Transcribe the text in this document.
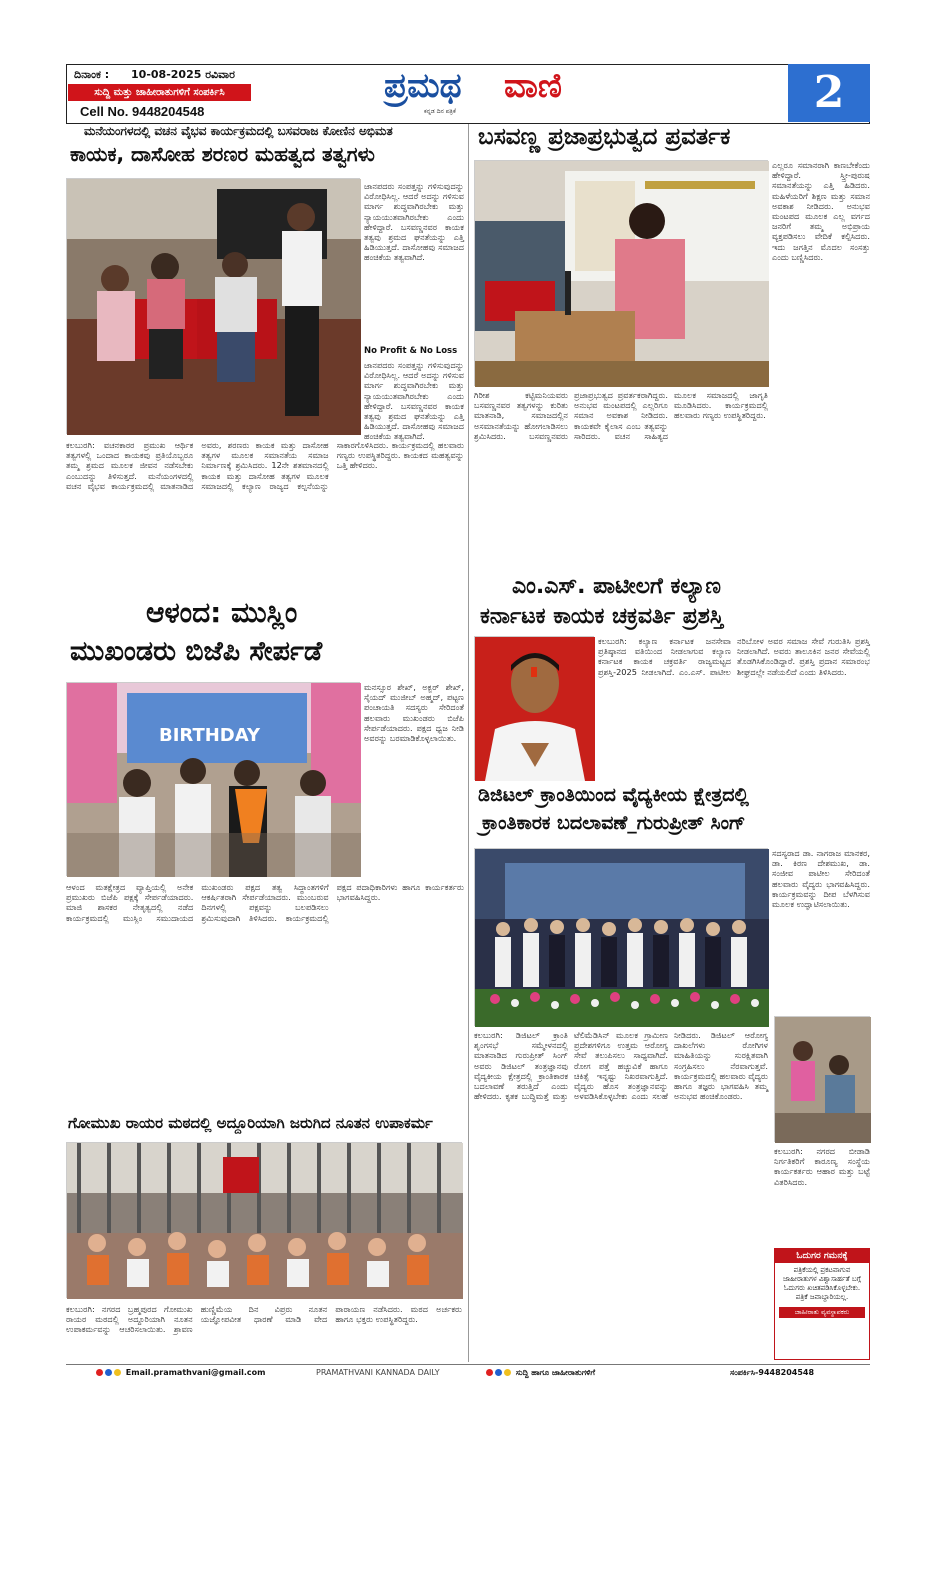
ದಿನಾಂಕ : 10-08-2025 ರವಿವಾರ
ಸುದ್ದಿ ಮತ್ತು ಜಾಹೀರಾತುಗಳಿಗೆ ಸಂಪರ್ಕಿಸಿ
Cell No. 9448204548
ಪ್ರಮಥ ವಾಣಿ
ಕನ್ನಡ ದಿನ ಪತ್ರಿಕೆ	2
ಮನೆಯಂಗಳದಲ್ಲಿ ವಚನ ವೈಭವ ಕಾರ್ಯಕ್ರಮದಲ್ಲಿ ಬಸವರಾಜ ಕೋಣಿನ ಅಭಿಮತ
ಕಾಯಕ, ದಾಸೋಹ ಶರಣರ ಮಹತ್ವದ ತತ್ವಗಳು
ಜಾನಪದರು ಸಂಪತ್ತನ್ನು ಗಳಿಸುವುದನ್ನು ವಿರೋಧಿಸಿಲ್ಲ. ಆದರೆ ಅದನ್ನು ಗಳಿಸುವ ಮಾರ್ಗ ಶುದ್ಧವಾಗಿರಬೇಕು ಮತ್ತು ನ್ಯಾಯಯುತವಾಗಿರಬೇಕು ಎಂದು ಹೇಳಿದ್ದಾರೆ. ಬಸವಣ್ಣನವರ ಕಾಯಕ ತತ್ವವು ಶ್ರಮದ ಘನತೆಯನ್ನು ಎತ್ತಿ ಹಿಡಿಯುತ್ತದೆ. ದಾಸೋಹವು ಸಮಾಜದ ಹಂಚಿಕೆಯ ತತ್ವವಾಗಿದೆ.
No Profit & No Loss
ಜಾನಪದರು ಸಂಪತ್ತನ್ನು ಗಳಿಸುವುದನ್ನು ವಿರೋಧಿಸಿಲ್ಲ. ಆದರೆ ಅದನ್ನು ಗಳಿಸುವ ಮಾರ್ಗ ಶುದ್ಧವಾಗಿರಬೇಕು ಮತ್ತು ನ್ಯಾಯಯುತವಾಗಿರಬೇಕು ಎಂದು ಹೇಳಿದ್ದಾರೆ. ಬಸವಣ್ಣನವರ ಕಾಯಕ ತತ್ವವು ಶ್ರಮದ ಘನತೆಯನ್ನು ಎತ್ತಿ ಹಿಡಿಯುತ್ತದೆ. ದಾಸೋಹವು ಸಮಾಜದ ಹಂಚಿಕೆಯ ತತ್ವವಾಗಿದೆ.
ಕಲಬುರಗಿ: ವಚನಕಾರರ ಪ್ರಮುಖ ಆರ್ಥಿಕ ತತ್ವಗಳಲ್ಲಿ ಒಂದಾದ ಕಾಯಕವು ಪ್ರತಿಯೊಬ್ಬರೂ ತಮ್ಮ ಶ್ರಮದ ಮೂಲಕ ಜೀವನ ನಡೆಸಬೇಕು ಎಂಬುದನ್ನು ತಿಳಿಸುತ್ತದೆ. ಮನೆಯಂಗಳದಲ್ಲಿ ವಚನ ವೈಭವ ಕಾರ್ಯಕ್ರಮದಲ್ಲಿ ಮಾತನಾಡಿದ ಅವರು, ಶರಣರು ಕಾಯಕ ಮತ್ತು ದಾಸೋಹ ತತ್ವಗಳ ಮೂಲಕ ಸಮಾನತೆಯ ಸಮಾಜ ನಿರ್ಮಾಣಕ್ಕೆ ಶ್ರಮಿಸಿದರು. 12ನೇ ಶತಮಾನದಲ್ಲಿ ಕಾಯಕ ಮತ್ತು ದಾಸೋಹ ತತ್ವಗಳ ಮೂಲಕ ಸಮಾಜದಲ್ಲಿ ಕಲ್ಯಾಣ ರಾಜ್ಯದ ಕಲ್ಪನೆಯನ್ನು ಸಾಕಾರಗೊಳಿಸಿದರು. ಕಾರ್ಯಕ್ರಮದಲ್ಲಿ ಹಲವಾರು ಗಣ್ಯರು ಉಪಸ್ಥಿತರಿದ್ದರು. ಕಾಯಕದ ಮಹತ್ವವನ್ನು ಒತ್ತಿ ಹೇಳಿದರು.
ಆಳಂದ: ಮುಸ್ಲಿಂ
ಮುಖಂಡರು ಬಿಜೆಪಿ ಸೇರ್ಪಡೆ
BIRTHDAY
ಮನಸ್ಸೂರ ಶೇಖ್, ಅಕ್ಬರ್ ಶೇಖ್, ಸೈಯದ್ ಮುಜೀಬ್ ಅಹ್ಮದ್, ಪಟ್ಟಣ ಪಂಚಾಯತಿ ಸದಸ್ಯರು ಸೇರಿದಂತೆ ಹಲವಾರು ಮುಖಂಡರು ಬಿಜೆಪಿ ಸೇರ್ಪಡೆಯಾದರು. ಪಕ್ಷದ ಧ್ವಜ ನೀಡಿ ಅವರನ್ನು ಬರಮಾಡಿಕೊಳ್ಳಲಾಯಿತು.
ಆಳಂದ ಮತಕ್ಷೇತ್ರದ ವ್ಯಾಪ್ತಿಯಲ್ಲಿ ಅನೇಕ ಪ್ರಮುಖರು ಬಿಜೆಪಿ ಪಕ್ಷಕ್ಕೆ ಸೇರ್ಪಡೆಯಾದರು. ಮಾಜಿ ಶಾಸಕರ ನೇತೃತ್ವದಲ್ಲಿ ನಡೆದ ಕಾರ್ಯಕ್ರಮದಲ್ಲಿ ಮುಸ್ಲಿಂ ಸಮುದಾಯದ ಮುಖಂಡರು ಪಕ್ಷದ ತತ್ವ ಸಿದ್ಧಾಂತಗಳಿಗೆ ಆಕರ್ಷಿತರಾಗಿ ಸೇರ್ಪಡೆಯಾದರು. ಮುಂಬರುವ ದಿನಗಳಲ್ಲಿ ಪಕ್ಷವನ್ನು ಬಲಪಡಿಸಲು ಶ್ರಮಿಸುವುದಾಗಿ ತಿಳಿಸಿದರು. ಕಾರ್ಯಕ್ರಮದಲ್ಲಿ ಪಕ್ಷದ ಪದಾಧಿಕಾರಿಗಳು ಹಾಗೂ ಕಾರ್ಯಕರ್ತರು ಭಾಗವಹಿಸಿದ್ದರು.
ಗೋಮುಖ ರಾಯರ ಮಠದಲ್ಲಿ ಅದ್ದೂರಿಯಾಗಿ ಜರುಗಿದ ನೂತನ ಉಪಾಕರ್ಮ
ಕಲಬುರಗಿ: ನಗರದ ಬ್ರಹ್ಮಪುರದ ಗೋಮುಖ ರಾಯರ ಮಠದಲ್ಲಿ ಅದ್ದೂರಿಯಾಗಿ ನೂತನ ಉಪಾಕರ್ಮವನ್ನು ಆಚರಿಸಲಾಯಿತು. ಶ್ರಾವಣ ಹುಣ್ಣಿಮೆಯ ದಿನ ವಿಪ್ರರು ನೂತನ ಯಜ್ಞೋಪವೀತ ಧಾರಣೆ ಮಾಡಿ ವೇದ ಪಾರಾಯಣ ನಡೆಸಿದರು. ಮಠದ ಅರ್ಚಕರು ಹಾಗೂ ಭಕ್ತರು ಉಪಸ್ಥಿತರಿದ್ದರು.
ಬಸವಣ್ಣ ಪ್ರಜಾಪ್ರಭುತ್ವದ ಪ್ರವರ್ತಕ
ಎಲ್ಲರೂ ಸಮಾನರಾಗಿ ಕಾಣಬೇಕೆಂದು ಹೇಳಿದ್ದಾರೆ. ಸ್ತ್ರೀ-ಪುರುಷ ಸಮಾನತೆಯನ್ನು ಎತ್ತಿ ಹಿಡಿದರು. ಮಹಿಳೆಯರಿಗೆ ಶಿಕ್ಷಣ ಮತ್ತು ಸಮಾನ ಅವಕಾಶ ನೀಡಿದರು. ಅನುಭವ ಮಂಟಪದ ಮೂಲಕ ಎಲ್ಲ ವರ್ಗದ ಜನರಿಗೆ ತಮ್ಮ ಅಭಿಪ್ರಾಯ ವ್ಯಕ್ತಪಡಿಸಲು ವೇದಿಕೆ ಕಲ್ಪಿಸಿದರು. ಇದು ಜಗತ್ತಿನ ಮೊದಲ ಸಂಸತ್ತು ಎಂದು ಬಣ್ಣಿಸಿದರು.
ಗಿರೀಶ ಕಟ್ಟಿಮನಿಯವರು ಬಸವಣ್ಣನವರ ತತ್ವಗಳನ್ನು ಕುರಿತು ಮಾತನಾಡಿ, ಸಮಾಜದಲ್ಲಿನ ಅಸಮಾನತೆಯನ್ನು ಹೋಗಲಾಡಿಸಲು ಶ್ರಮಿಸಿದರು. ಬಸವಣ್ಣನವರು ಪ್ರಜಾಪ್ರಭುತ್ವದ ಪ್ರವರ್ತಕರಾಗಿದ್ದರು. ಅನುಭವ ಮಂಟಪದಲ್ಲಿ ಎಲ್ಲರಿಗೂ ಸಮಾನ ಅವಕಾಶ ನೀಡಿದರು. ಕಾಯಕವೇ ಕೈಲಾಸ ಎಂಬ ತತ್ವವನ್ನು ಸಾರಿದರು. ವಚನ ಸಾಹಿತ್ಯದ ಮೂಲಕ ಸಮಾಜದಲ್ಲಿ ಜಾಗೃತಿ ಮೂಡಿಸಿದರು. ಕಾರ್ಯಕ್ರಮದಲ್ಲಿ ಹಲವಾರು ಗಣ್ಯರು ಉಪಸ್ಥಿತರಿದ್ದರು.
ಎಂ.ಎಸ್. ಪಾಟೀಲಗೆ ಕಲ್ಯಾಣ
ಕರ್ನಾಟಕ ಕಾಯಕ ಚಕ್ರವರ್ತಿ ಪ್ರಶಸ್ತಿ
ಕಲಬುರಗಿ: ಕಲ್ಯಾಣ ಕರ್ನಾಟಕ ಜನಸೇವಾ ಪ್ರತಿಷ್ಠಾನದ ವತಿಯಿಂದ ನೀಡಲಾಗುವ ಕಲ್ಯಾಣ ಕರ್ನಾಟಕ ಕಾಯಕ ಚಕ್ರವರ್ತಿ ರಾಜ್ಯಮಟ್ಟದ ಪ್ರಶಸ್ತಿ-2025 ನೀಡಲಾಗಿದೆ. ಎಂ.ಎಸ್. ಪಾಟೀಲ ನರಿಬೋಳ ಅವರ ಸಮಾಜ ಸೇವೆ ಗುರುತಿಸಿ ಪ್ರಶಸ್ತಿ ನೀಡಲಾಗಿದೆ. ಅವರು ತಾಲೂಕಿನ ಜನರ ಸೇವೆಯಲ್ಲಿ ತೊಡಗಿಸಿಕೊಂಡಿದ್ದಾರೆ. ಪ್ರಶಸ್ತಿ ಪ್ರದಾನ ಸಮಾರಂಭ ಶೀಘ್ರದಲ್ಲೇ ನಡೆಯಲಿದೆ ಎಂದು ತಿಳಿಸಿದರು.
ಡಿಜಿಟಲ್ ಕ್ರಾಂತಿಯಿಂದ ವೈದ್ಯಕೀಯ ಕ್ಷೇತ್ರದಲ್ಲಿ
ಕ್ರಾಂತಿಕಾರಕ ಬದಲಾವಣೆ_ಗುರುಪ್ರೀತ್ ಸಿಂಗ್
ಸದಸ್ಯರಾದ ಡಾ. ನಾಗರಾಜ ಮಾನಕರ, ಡಾ. ಕಿರಣ ದೇಶಮುಖ, ಡಾ. ಸಂಜೀವ ಪಾಟೀಲ ಸೇರಿದಂತೆ ಹಲವಾರು ವೈದ್ಯರು ಭಾಗವಹಿಸಿದ್ದರು. ಕಾರ್ಯಕ್ರಮವನ್ನು ದೀಪ ಬೆಳಗಿಸುವ ಮೂಲಕ ಉದ್ಘಾಟಿಸಲಾಯಿತು.
ಕಲಬುರಗಿ: ಡಿಜಿಟಲ್ ಕ್ರಾಂತಿ ಶೃಂಗಸಭೆ ಸಮ್ಮೇಳನದಲ್ಲಿ ಮಾತನಾಡಿದ ಗುರುಪ್ರೀತ್ ಸಿಂಗ್ ಅವರು ಡಿಜಿಟಲ್ ತಂತ್ರಜ್ಞಾನವು ವೈದ್ಯಕೀಯ ಕ್ಷೇತ್ರದಲ್ಲಿ ಕ್ರಾಂತಿಕಾರಕ ಬದಲಾವಣೆ ತರುತ್ತಿದೆ ಎಂದು ಹೇಳಿದರು. ಕೃತಕ ಬುದ್ಧಿಮತ್ತೆ ಮತ್ತು ಟೆಲಿಮೆಡಿಸಿನ್ ಮೂಲಕ ಗ್ರಾಮೀಣ ಪ್ರದೇಶಗಳಿಗೂ ಉತ್ತಮ ಆರೋಗ್ಯ ಸೇವೆ ತಲುಪಿಸಲು ಸಾಧ್ಯವಾಗಿದೆ. ರೋಗ ಪತ್ತೆ ಹಚ್ಚುವಿಕೆ ಹಾಗೂ ಚಿಕಿತ್ಸೆ ಇನ್ನಷ್ಟು ನಿಖರವಾಗುತ್ತಿದೆ. ವೈದ್ಯರು ಹೊಸ ತಂತ್ರಜ್ಞಾನವನ್ನು ಅಳವಡಿಸಿಕೊಳ್ಳಬೇಕು ಎಂದು ಸಲಹೆ ನೀಡಿದರು. ಡಿಜಿಟಲ್ ಆರೋಗ್ಯ ದಾಖಲೆಗಳು ರೋಗಿಗಳ ಮಾಹಿತಿಯನ್ನು ಸುರಕ್ಷಿತವಾಗಿ ಸಂಗ್ರಹಿಸಲು ನೆರವಾಗುತ್ತವೆ. ಕಾರ್ಯಕ್ರಮದಲ್ಲಿ ಹಲವಾರು ವೈದ್ಯರು ಹಾಗೂ ತಜ್ಞರು ಭಾಗವಹಿಸಿ ತಮ್ಮ ಅನುಭವ ಹಂಚಿಕೊಂಡರು.
ಕಲಬುರಗಿ: ನಗರದ ಬೀಡಾಡಿ ನಿರ್ಗತಿಕರಿಗೆ ಕಾರೂಣ್ಯ ಸಂಸ್ಥೆಯ ಕಾರ್ಯಕರ್ತರು ಆಹಾರ ಮತ್ತು ಬಟ್ಟೆ ವಿತರಿಸಿದರು.
ಓದುಗರ ಗಮನಕ್ಕೆ
ಪತ್ರಿಕೆಯಲ್ಲಿ ಪ್ರಕಟವಾಗುವ ಜಾಹೀರಾತುಗಳ ವಿಶ್ವಾಸಾರ್ಹತೆ ಬಗ್ಗೆ ಓದುಗರು ಖಚಿತಪಡಿಸಿಕೊಳ್ಳಬೇಕು. ಪತ್ರಿಕೆ ಜವಾಬ್ದಾರಿಯಲ್ಲ.
ಜಾಹೀರಾತು ವ್ಯವಸ್ಥಾಪಕರು
Email.pramathvani@gmail.com	PRAMATHVANI KANNADA DAILY	ಸುದ್ದಿ ಹಾಗೂ ಜಾಹೀರಾತುಗಳಿಗೆ	ಸಂಪರ್ಕಿಸಿ-9448204548
